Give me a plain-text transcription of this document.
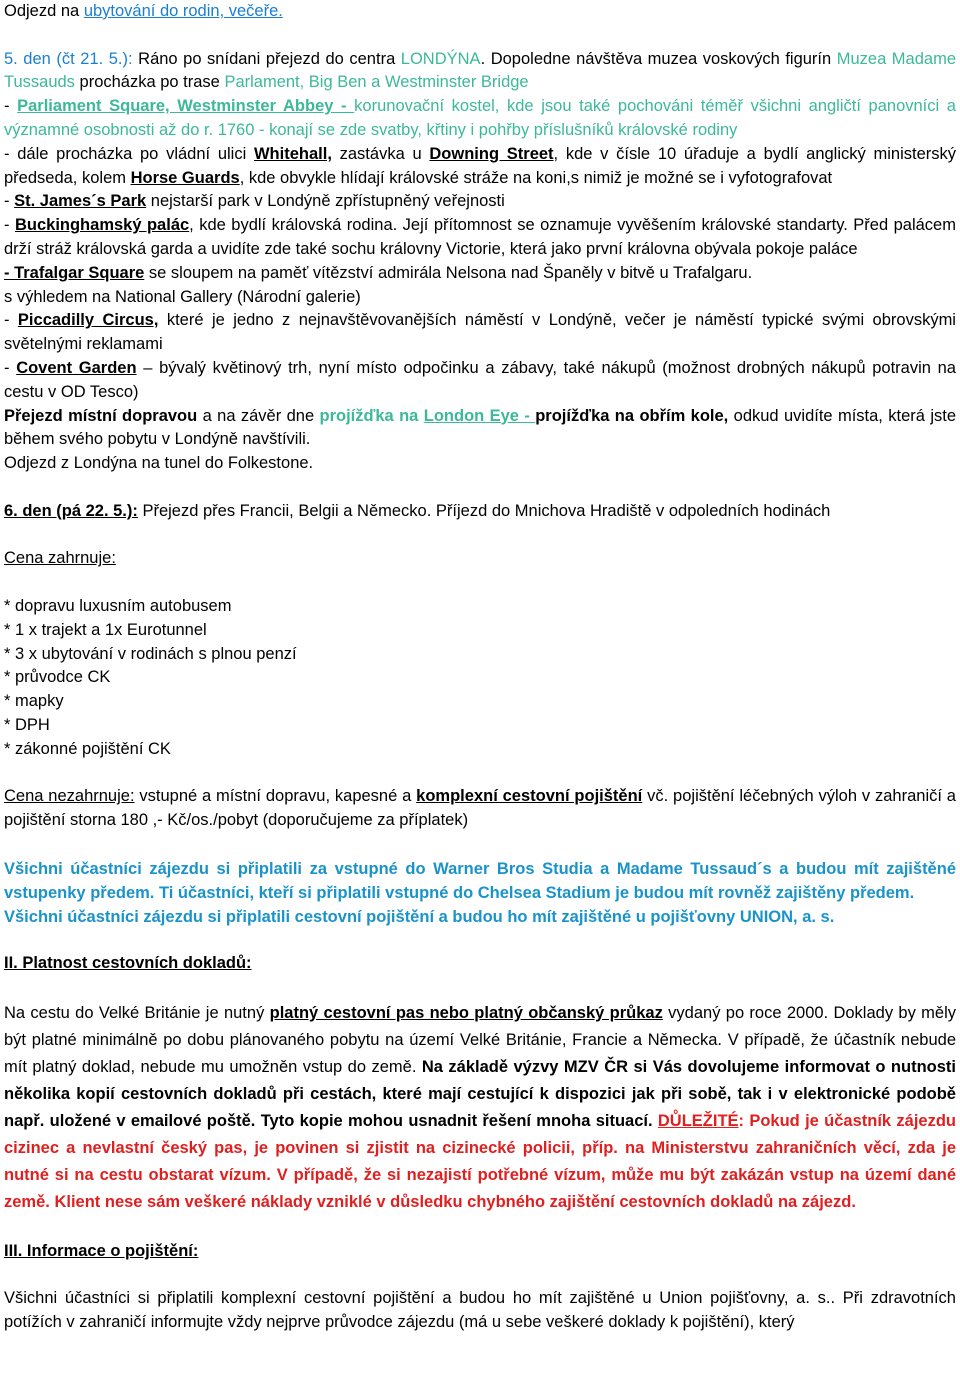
Odjezd na ubytování do rodin, večeře.

5. den (čt 21. 5.): Ráno po snídani přejezd do centra LONDÝNA. Dopoledne návštěva muzea voskových figurín Muzea Madame Tussauds procházka po trase Parlament, Big Ben a Westminster Bridge

- Parliament Square, Westminster Abbey - korunovační kostel, kde jsou také pochováni téměř všichni angličtí panovníci a významné osobnosti až do r. 1760 - konají se zde svatby, křtiny i pohřby příslušníků královské rodiny

- dále procházka po vládní ulici Whitehall, zastávka u Downing Street, kde v čísle 10 úřaduje a bydlí anglický ministerský předseda, kolem Horse Guards, kde obvykle hlídají královské stráže na koni,s nimiž je možné se i vyfotografovat

- St. James´s Park nejstarší park v Londýně zpřístupněný veřejnosti

- Buckinghamský palác, kde bydlí královská rodina. Její přítomnost se oznamuje vyvěšením královské standarty. Před palácem drží stráž královská garda a uvidíte zde také sochu královny Victorie, která jako první královna obývala pokoje paláce

- Trafalgar Square se sloupem na paměť vítězství admirála Nelsona nad Španěly v bitvě u Trafalgaru.

s výhledem na National Gallery (Národní galerie)

- Piccadilly Circus, které je jedno z nejnavštěvovanějších náměstí v Londýně, večer je náměstí typické svými obrovskými světelnými reklamami

- Covent Garden – bývalý květinový trh, nyní místo odpočinku a zábavy, také nákupů (možnost drobných nákupů potravin na cestu v OD Tesco)

Přejezd místní dopravou a na závěr dne projížďka na London Eye - projížďka na obřím kole, odkud uvidíte místa, která jste během svého pobytu v Londýně navštívili.

Odjezd z Londýna na tunel do Folkestone.

6. den (pá 22. 5.): Přejezd přes Francii, Belgii a Německo. Příjezd do Mnichova Hradiště v odpoledních hodinách

Cena zahrnuje:

* dopravu luxusním autobusem

* 1 x trajekt a 1x Eurotunnel

* 3 x ubytování v rodinách s plnou penzí

* průvodce CK

* mapky

* DPH

* zákonné pojištění CK

Cena nezahrnuje: vstupné a místní dopravu, kapesné a komplexní cestovní pojištění vč. pojištění léčebných výloh v zahraničí a pojištění storna 180 ,- Kč/os./pobyt (doporučujeme za příplatek)

Všichni účastníci zájezdu si připlatili za vstupné do Warner Bros Studia a Madame Tussaud´s a budou mít zajištěné vstupenky předem. Ti účastníci, kteří si připlatili vstupné do Chelsea Stadium je budou mít rovněž zajištěny předem.
Všichni účastníci zájezdu si připlatili cestovní pojištění a budou ho mít zajištěné u pojišťovny UNION, a. s.

II. Platnost cestovních dokladů:

Na cestu do Velké Británie je nutný platný cestovní pas nebo platný občanský průkaz vydaný po roce 2000. Doklady by měly být platné minimálně po dobu plánovaného pobytu na území Velké Británie, Francie a Německa. V případě, že účastník nebude mít platný doklad, nebude mu umožněn vstup do země. Na základě výzvy MZV ČR si Vás dovolujeme informovat o nutnosti několika kopií cestovních dokladů při cestách, které mají cestující k dispozici jak při sobě, tak i v elektronické podobě např. uložené v emailové poště. Tyto kopie mohou usnadnit řešení mnoha situací. DŮLEŽITÉ: Pokud je účastník zájezdu cizinec a nevlastní český pas, je povinen si zjistit na cizinecké policii, příp. na Ministerstvu zahraničních věcí, zda je nutné si na cestu obstarat vízum. V případě, že si nezajistí potřebné vízum, může mu být zakázán vstup na území dané země. Klient nese sám veškeré náklady vzniklé v důsledku chybného zajištění cestovních dokladů na zájezd.

III. Informace o pojištění:

Všichni účastníci si připlatili komplexní cestovní pojištění a budou ho mít zajištěné u Union pojišťovny, a. s.. Při zdravotních potížích v zahraničí informujte vždy nejprve průvodce zájezdu (má u sebe veškeré doklady k pojištění), který
